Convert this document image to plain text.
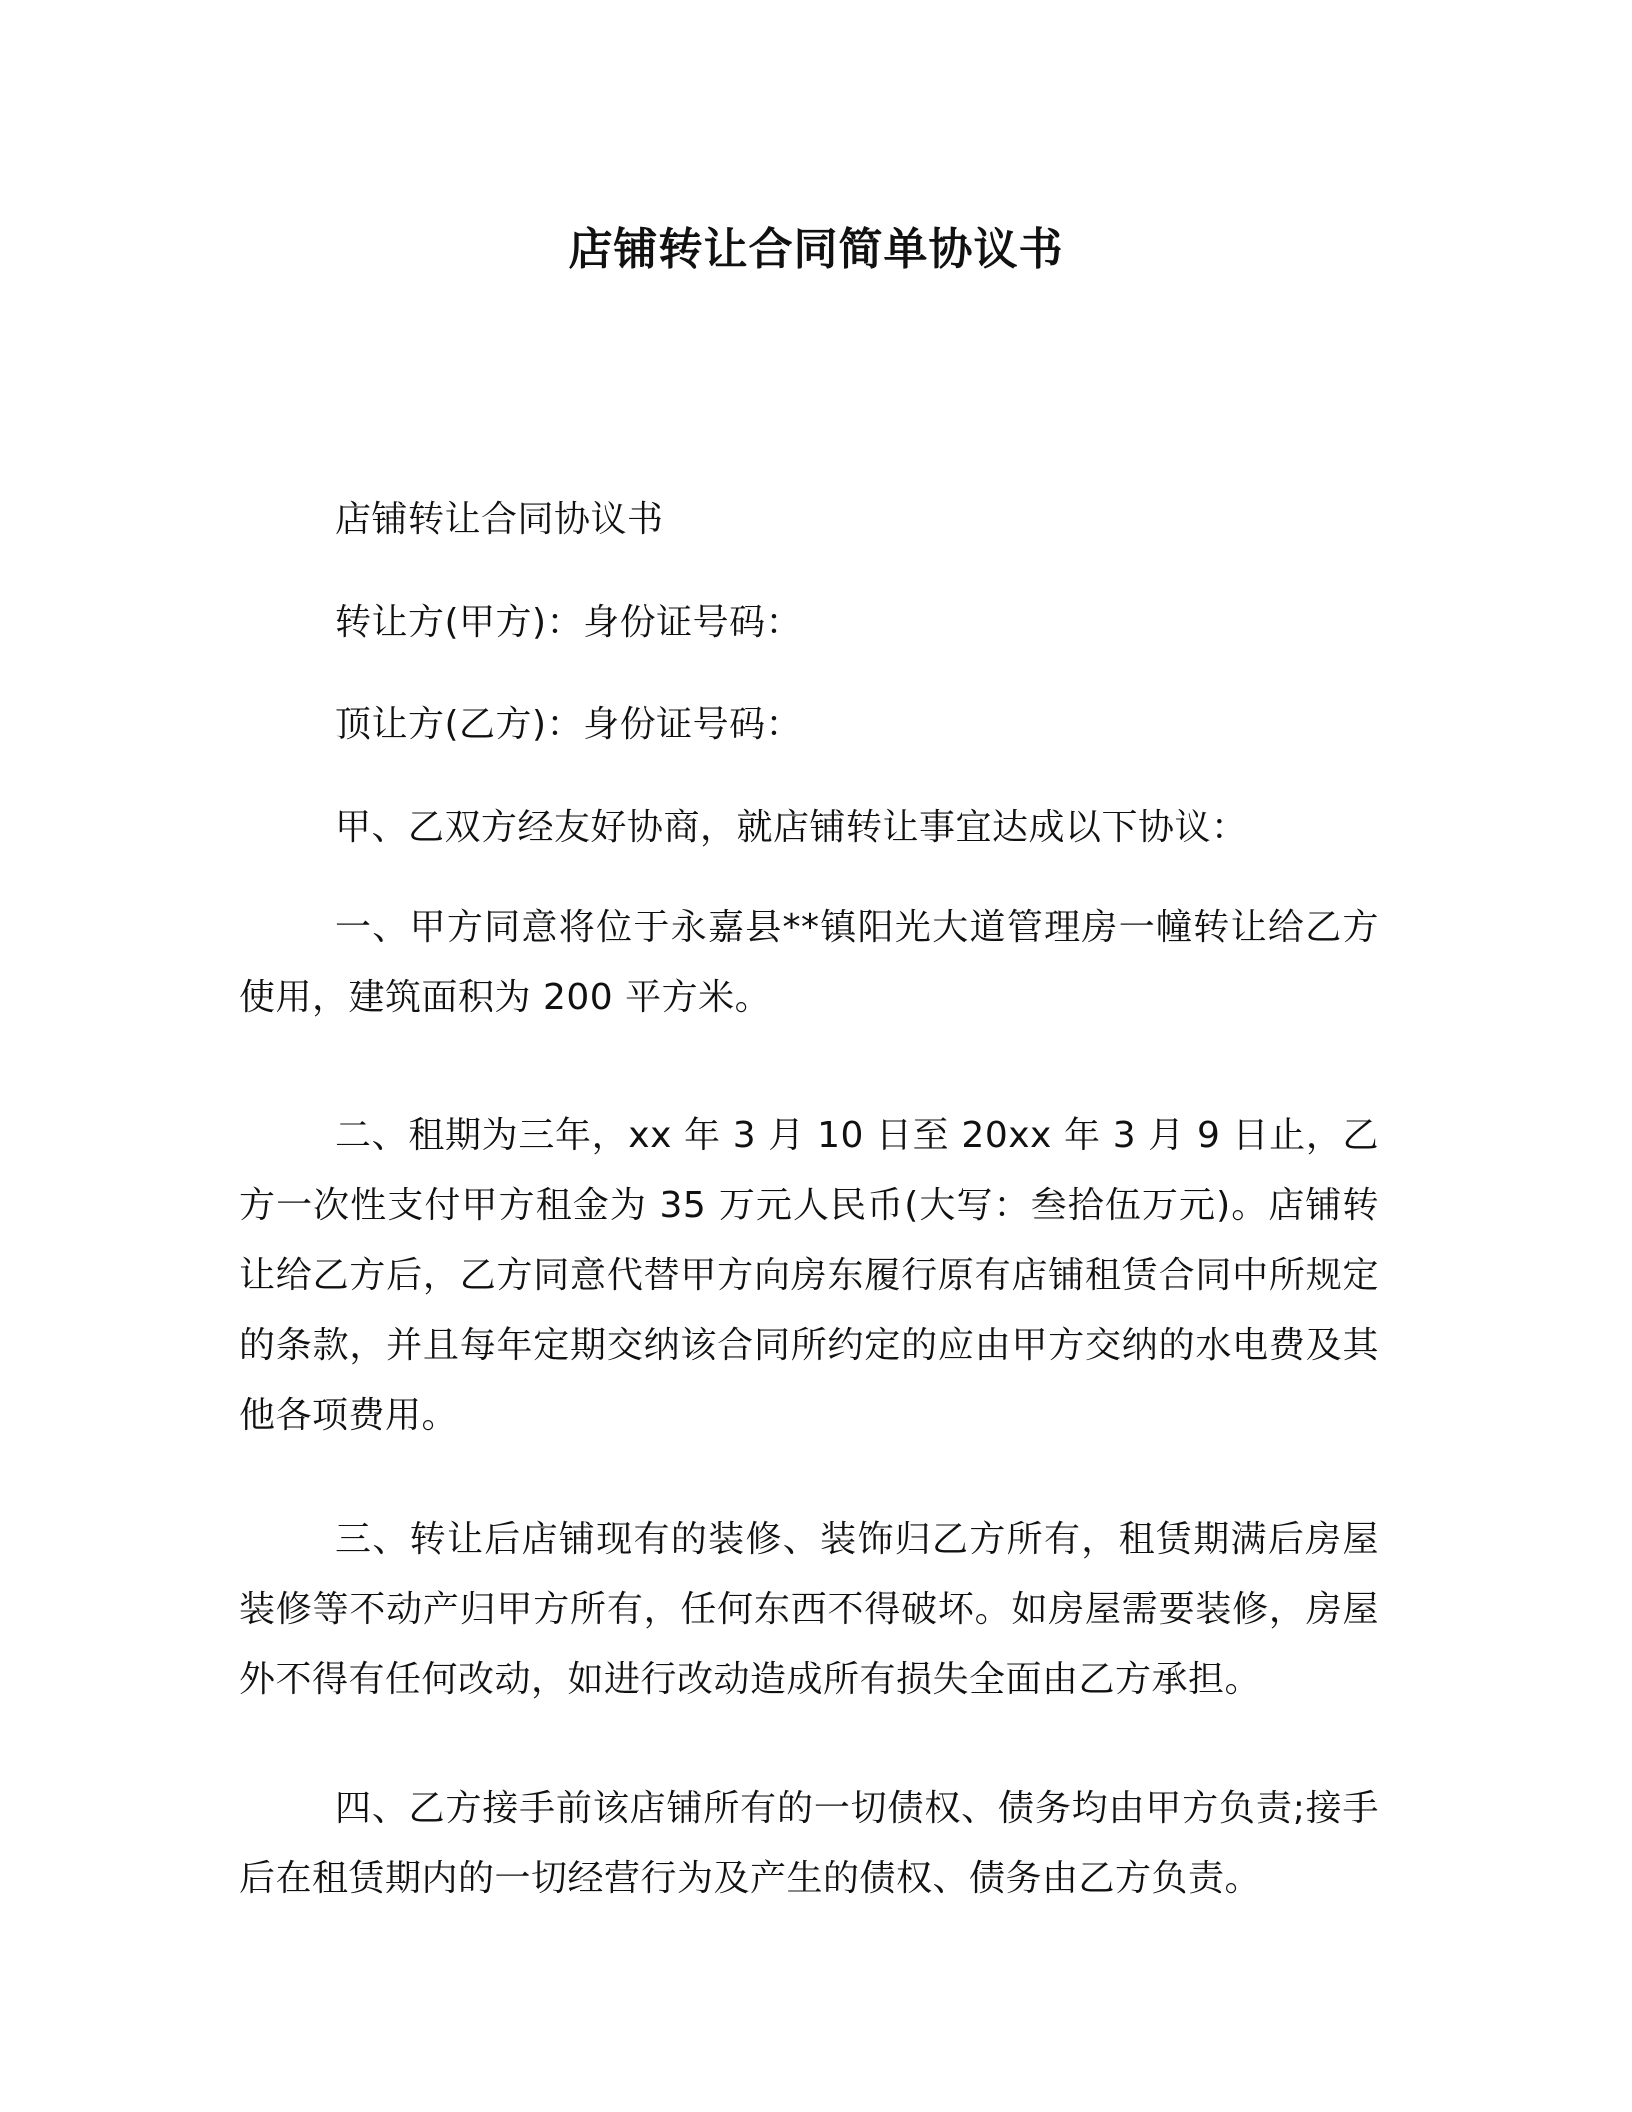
店铺转让合同简单协议书
店铺转让合同协议书
转让方(甲方)：身份证号码：
顶让方(乙方)：身份证号码：
甲、乙双方经友好协商，就店铺转让事宜达成以下协议：

一、甲方同意将位于永嘉县**镇阳光大道管理房一幢转让给乙方使用，建筑面积为 200 平方米。

二、租期为三年，xx 年 3 月 10 日至 20xx 年 3 月 9 日止，乙方一次性支付甲方租金为 35 万元人民币(大写：叁拾伍万元)。店铺转让给乙方后，乙方同意代替甲方向房东履行原有店铺租赁合同中所规定的条款，并且每年定期交纳该合同所约定的应由甲方交纳的水电费及其他各项费用。

三、转让后店铺现有的装修、装饰归乙方所有，租赁期满后房屋装修等不动产归甲方所有，任何东西不得破坏。如房屋需要装修，房屋外不得有任何改动，如进行改动造成所有损失全面由乙方承担。

四、乙方接手前该店铺所有的一切债权、债务均由甲方负责;接手后在租赁期内的一切经营行为及产生的债权、债务由乙方负责。
